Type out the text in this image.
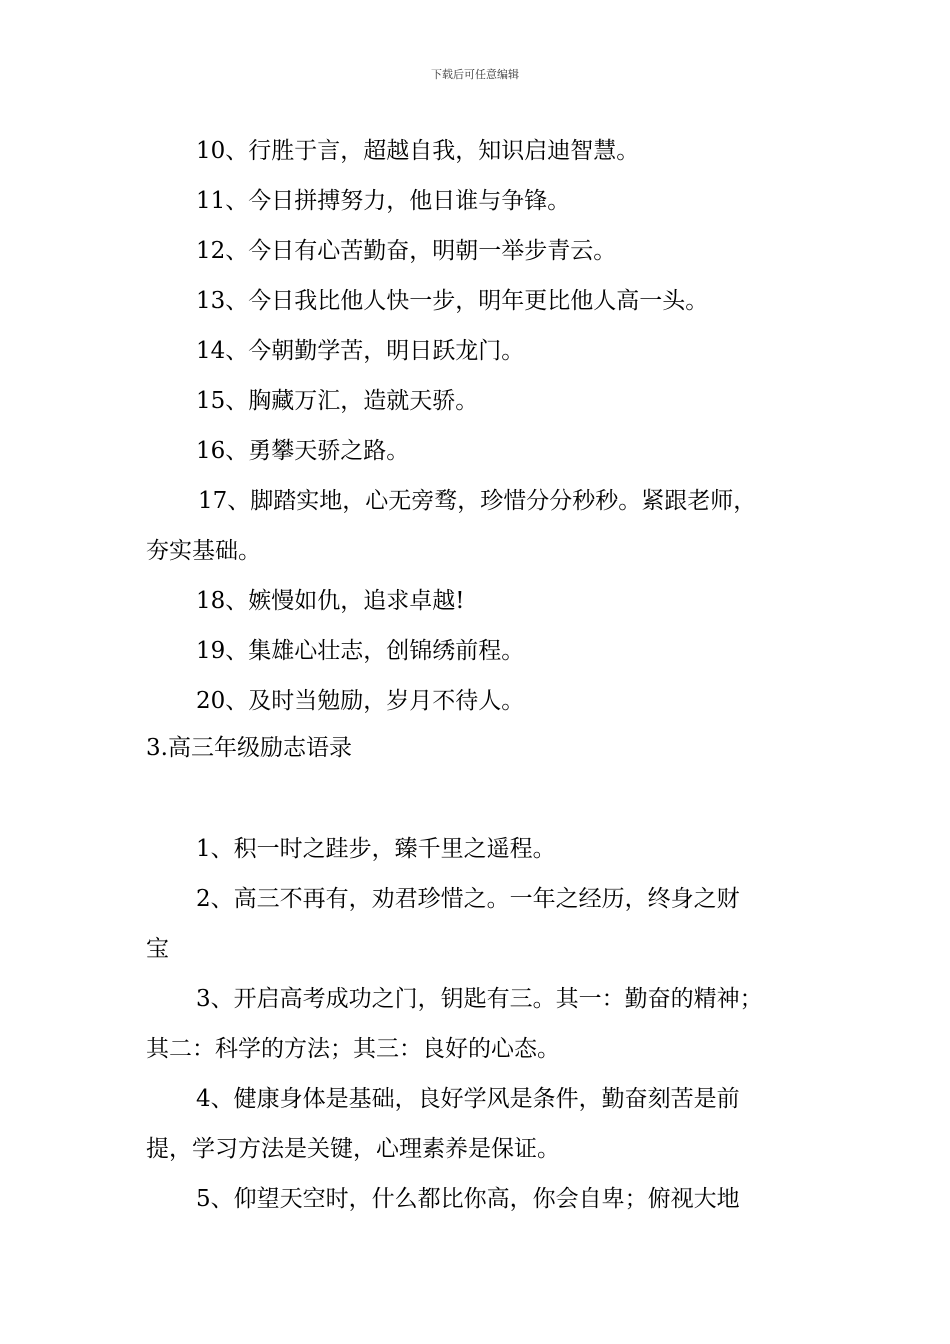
下载后可任意编辑
10、行胜于言，超越自我，知识启迪智慧。
11、今日拼搏努力，他日谁与争锋。
12、今日有心苦勤奋，明朝一举步青云。
13、今日我比他人快一步，明年更比他人高一头。
14、今朝勤学苦，明日跃龙门。
15、胸藏万汇，造就天骄。
16、勇攀天骄之路。
17、脚踏实地，心无旁骛，珍惜分分秒秒。紧跟老师，
夯实基础。
18、嫉慢如仇，追求卓越!
19、集雄心壮志，创锦绣前程。
20、及时当勉励，岁月不待人。
3.高三年级励志语录
1、积一时之跬步，臻千里之遥程。
2、高三不再有，劝君珍惜之。一年之经历，终身之财
宝
3、开启高考成功之门，钥匙有三。其一：勤奋的精神；
其二：科学的方法；其三：良好的心态。
4、健康身体是基础，良好学风是条件，勤奋刻苦是前
提，学习方法是关键，心理素养是保证。
5、仰望天空时，什么都比你高，你会自卑；俯视大地
